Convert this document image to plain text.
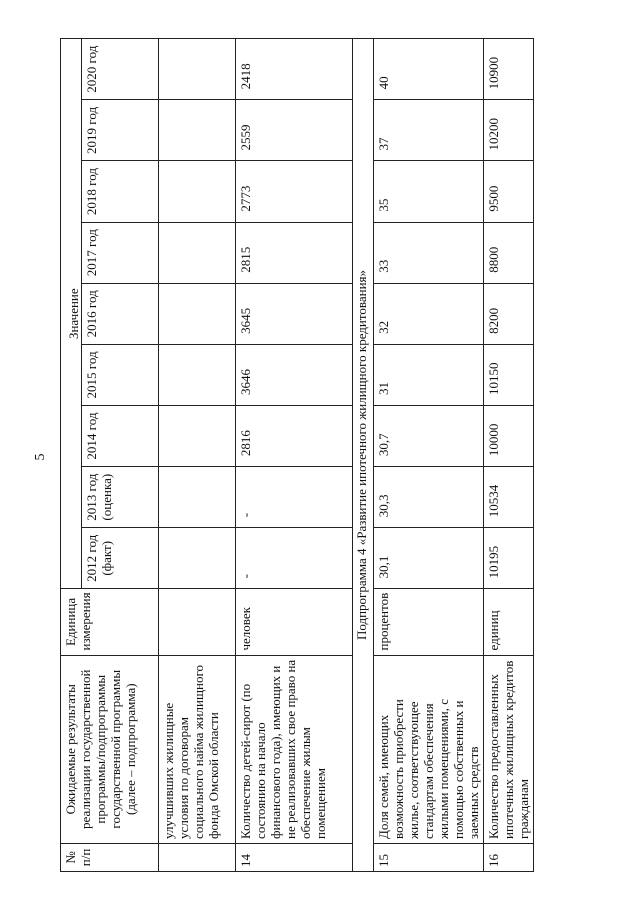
5
№ п/п	Ожидаемые результаты реализации государственной программы/подпрограммы государственной программы (далее – подпрограмма)	Единица измерения	Значение								
			2012 год (факт)	2013 год (оценка)	2014 год	2015 год	2016 год	2017 год	2018 год	2019 год	2020 год
	улучшивших жилищные условия по договорам социального найма жилищного фонда Омской области										
14	Количество детей-сирот (по состоянию на начало финансового года), имеющих и не реализовавших свое право на обеспечение жилым помещением	человек	-	-	2816	3646	3645	2815	2773	2559	2418
Подпрограмма 4 «Развитие ипотечного жилищного кредитования»											
15	Доля семей, имеющих возможность приобрести жилье, соответствующее стандартам обеспечения жилыми помещениями, с помощью собственных и заемных средств	процентов	30,1	30,3	30,7	31	32	33	35	37	40
16	Количество предоставленных ипотечных жилищных кредитов гражданам	единиц	10195	10534	10000	10150	8200	8800	9500	10200	10900
